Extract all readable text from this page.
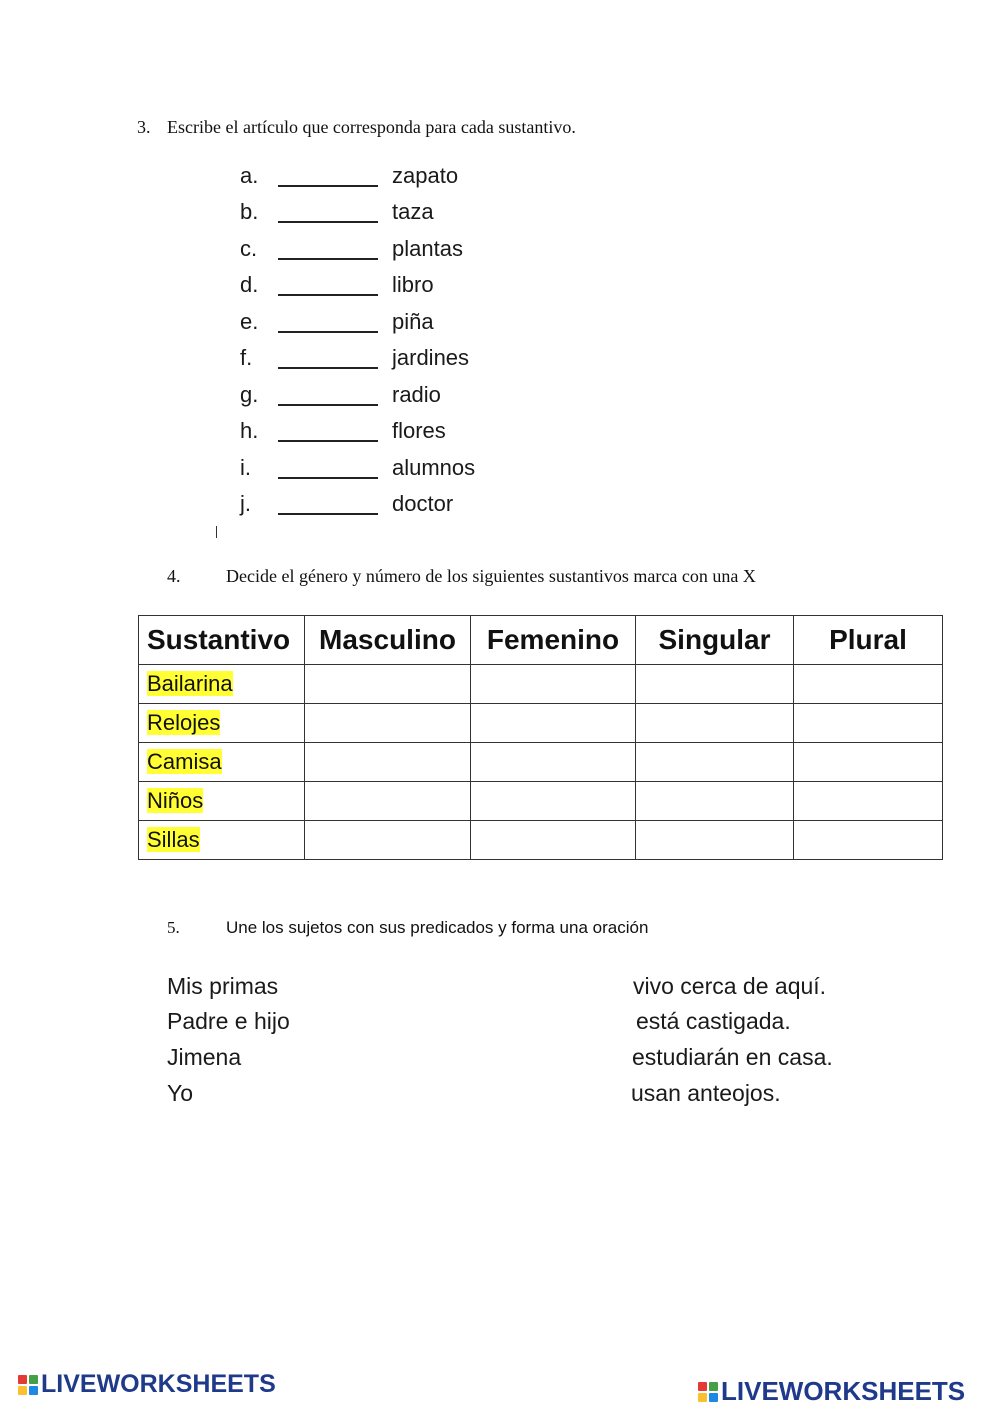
3. Escribe el artículo que corresponda para cada sustantivo.
a.	zapato
b.	taza
c.	plantas
d.	libro
e.	piña
f.	jardines
g.	radio
h.	flores
i.	alumnos
j.	doctor
4.	Decide el género y número de los siguientes sustantivos marca con una X
Sustantivo	Masculino	Femenino	Singular	Plural
Bailarina				
Relojes				
Camisa				
Niños				
Sillas				
5.	Une los sujetos con sus predicados y forma una oración
Mis primas
Padre e hijo
Jimena
Yo
vivo cerca de aquí.
está castigada.
estudiarán en casa.
usan anteojos.
LIVEWORKSHEETS	LIVEWORKSHEETS
